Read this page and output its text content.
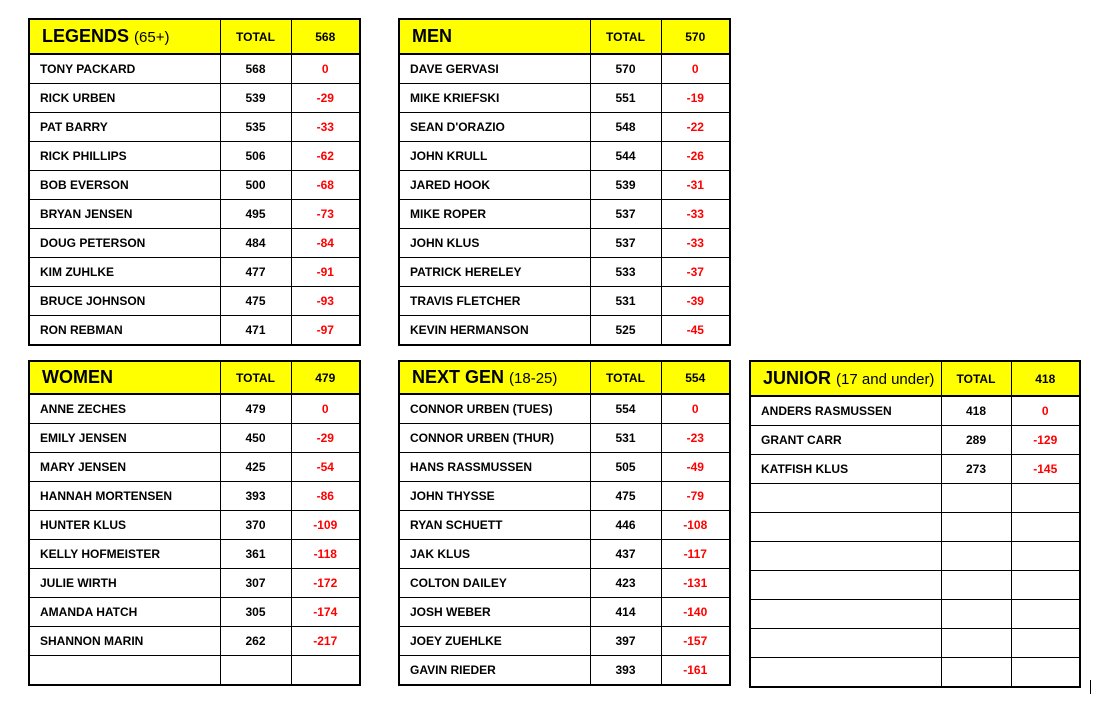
LEGENDS (65+)	TOTAL	568
TONY PACKARD	568	0
RICK URBEN	539	-29
PAT BARRY	535	-33
RICK PHILLIPS	506	-62
BOB EVERSON	500	-68
BRYAN JENSEN	495	-73
DOUG PETERSON	484	-84
KIM ZUHLKE	477	-91
BRUCE JOHNSON	475	-93
RON REBMAN	471	-97
MEN	TOTAL	570
DAVE GERVASI	570	0
MIKE KRIEFSKI	551	-19
SEAN D'ORAZIO	548	-22
JOHN KRULL	544	-26
JARED HOOK	539	-31
MIKE ROPER	537	-33
JOHN KLUS	537	-33
PATRICK HERELEY	533	-37
TRAVIS FLETCHER	531	-39
KEVIN HERMANSON	525	-45
WOMEN	TOTAL	479
ANNE ZECHES	479	0
EMILY JENSEN	450	-29
MARY JENSEN	425	-54
HANNAH MORTENSEN	393	-86
HUNTER KLUS	370	-109
KELLY HOFMEISTER	361	-118
JULIE WIRTH	307	-172
AMANDA HATCH	305	-174
SHANNON MARIN	262	-217

NEXT GEN (18-25)	TOTAL	554
CONNOR URBEN (TUES)	554	0
CONNOR URBEN (THUR)	531	-23
HANS RASSMUSSEN	505	-49
JOHN THYSSE	475	-79
RYAN SCHUETT	446	-108
JAK KLUS	437	-117
COLTON DAILEY	423	-131
JOSH WEBER	414	-140
JOEY ZUEHLKE	397	-157
GAVIN RIEDER	393	-161
JUNIOR (17 and under)	TOTAL	418
ANDERS RASMUSSEN	418	0
GRANT CARR	289	-129
KATFISH KLUS	273	-145
